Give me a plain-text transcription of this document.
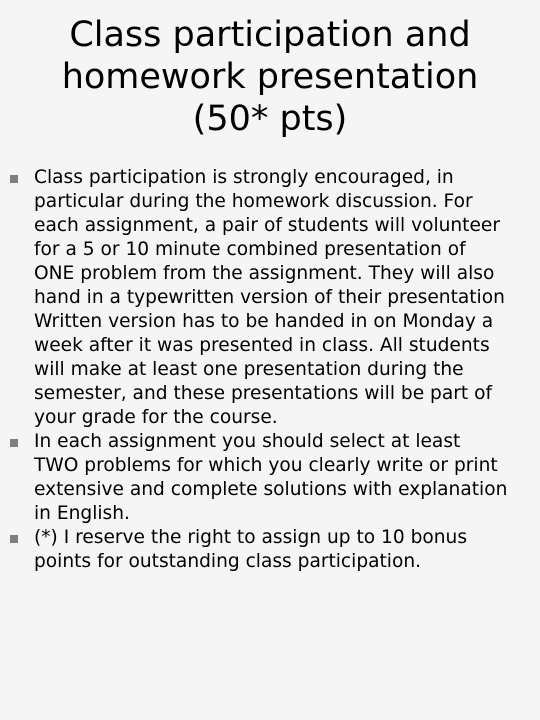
Class participation and
homework presentation
(50* pts)
Class participation is strongly encouraged, in
particular during the homework discussion. For
each assignment, a pair of students will volunteer
for a 5 or 10 minute combined presentation of
ONE problem from the assignment. They will also
hand in a typewritten version of their presentation
Written version has to be handed in on Monday a
week after it was presented in class. All students
will make at least one presentation during the
semester, and these presentations will be part of
your grade for the course.
In each assignment you should select at least
TWO problems for which you clearly write or print
extensive and complete solutions with explanation
in English.
(*) I reserve the right to assign up to 10 bonus
points for outstanding class participation.
